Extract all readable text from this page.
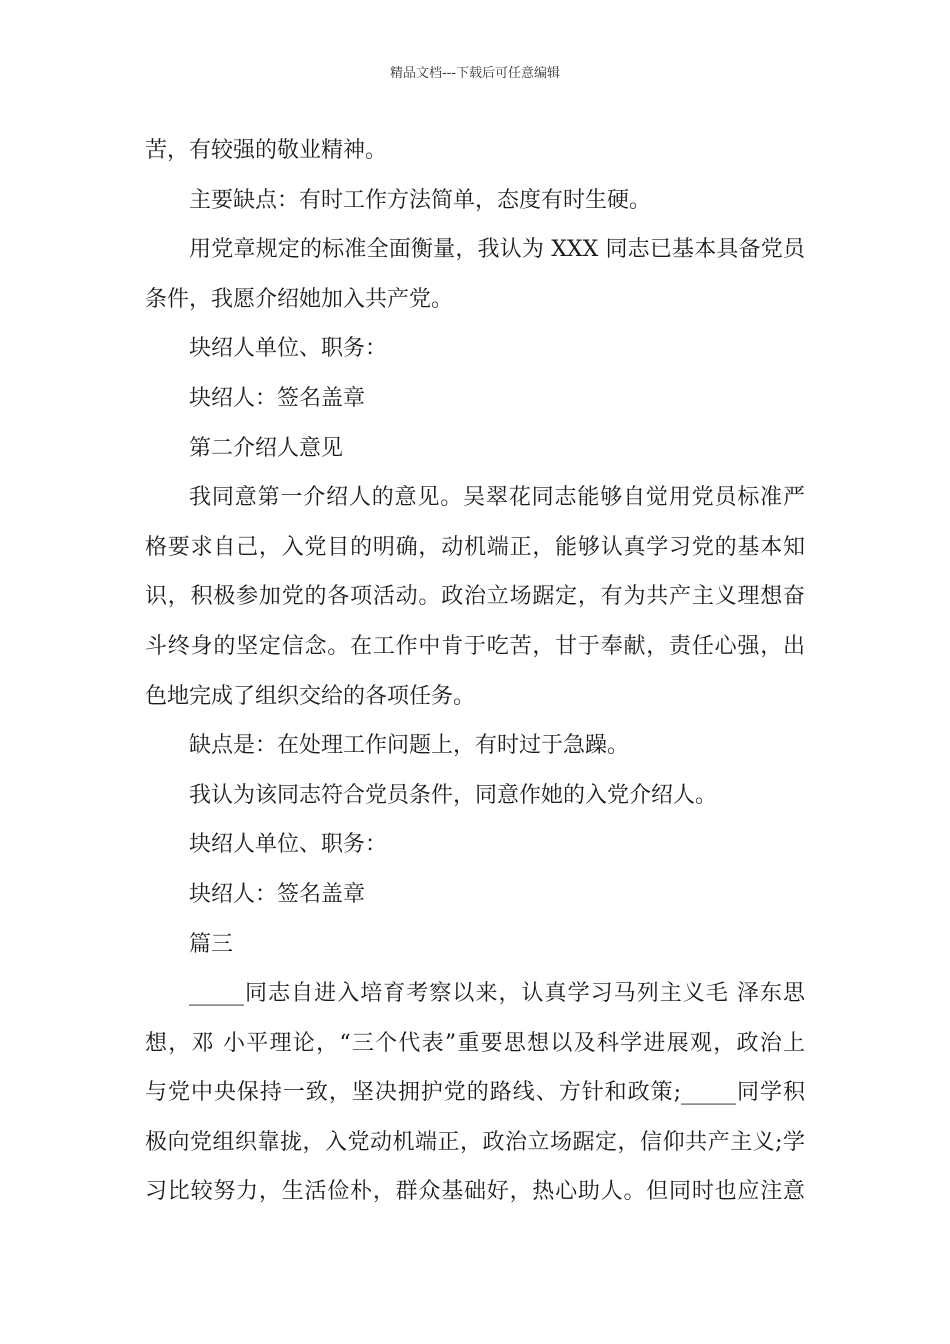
精品文档---下载后可任意编辑

苦，有较强的敬业精神。

主要缺点：有时工作方法简单，态度有时生硬。

用党章规定的标准全面衡量，我认为 XXX 同志已基本具备党员

条件，我愿介绍她加入共产党。

块绍人单位、职务：

块绍人：签名盖章

第二介绍人意见

我同意第一介绍人的意见。吴翠花同志能够自觉用党员标准严

格要求自己，入党目的明确，动机端正，能够认真学习党的基本知

识，积极参加党的各项活动。政治立场踞定，有为共产主义理想奋

斗终身的坚定信念。在工作中肯于吃苦，甘于奉献，责任心强，出

色地完成了组织交给的各项任务。

缺点是：在处理工作问题上，有时过于急躁。

我认为该同志符合党员条件，同意作她的入党介绍人。

块绍人单位、职务：

块绍人：签名盖章

篇三

_____同志自进入培育考察以来，认真学习马列主义毛 泽东思

想，邓 小平理论，“三个代表”重要思想以及科学进展观，政治上

与党中央保持一致，坚决拥护党的路线、方针和政策;_____同学积

极向党组织靠拢，入党动机端正，政治立场踞定，信仰共产主义;学

习比较努力，生活俭朴，群众基础好，热心助人。但同时也应注意
